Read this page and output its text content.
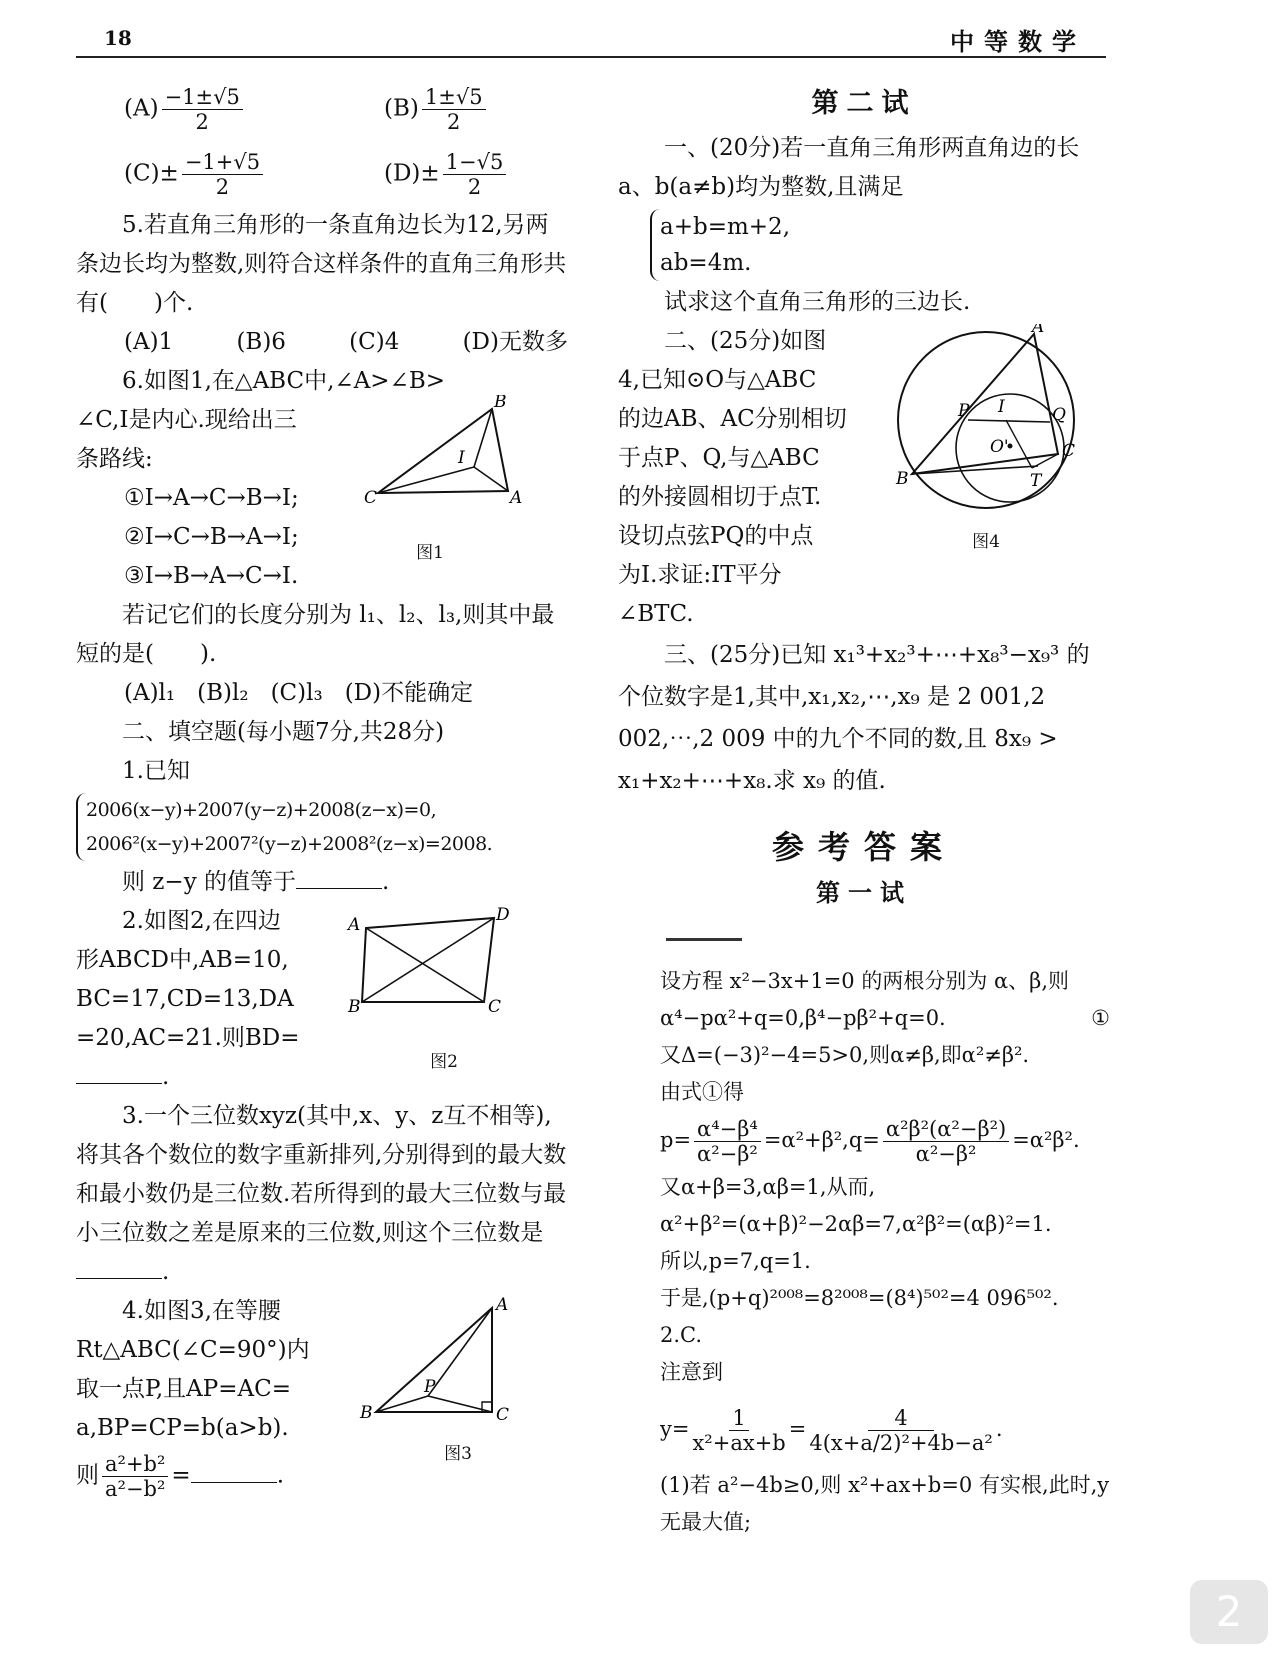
18	中等数学
$(A) \frac{-1\pm√5}{2}$	$(B) \frac{1\pm√5}{2}$
$(C)\pm \frac{-1+√5}{2}$	$(D)\pm \frac{1-√5}{2}$

5.若直角三角形的一条直角边长为12,另两条边长均为整数,则符合这样条件的直角三角形共有(　　)个.

(A)1	(B)6	(C)4	(D)无数多

6.如图1,在△ABC中,∠A>∠B>

C
B
A
I
图1

∠C,I是内心.现给出三

条路线:

①I→A→C→B→I;

②I→C→B→A→I;

③I→B→A→C→I.

若记它们的长度分别为 l₁、l₂、l₃,则其中最短的是(　　).

(A)l₁ (B)l₂ (C)l₃ (D)不能确定

二、填空题(每小题7分,共28分)

1.已知

2006(x−y)+2007(y−z)+2008(z−x)=0,
2006²(x−y)+2007²(y−z)+2008²(z−x)=2008.

则 z−y 的值等于	.

A	D
C
B
图2

2.如图2,在四边

形ABCD中,AB=10,

BC=17,CD=13,DA

=20,AC=21.则BD=

.

3.一个三位数xyz(其中,x、y、z互不相等),将其各个数位的数字重新排列,分别得到的最大数和最小数仍是三位数.若所得到的最大三位数与最小三位数之差是原来的三位数,则这个三位数是.

B
A
C
P
图3

4.如图3,在等腰

Rt△ABC(∠C=90°)内

取一点P,且AP=AC=

a,BP=CP=b(a>b).

则 $\frac{\text{a²+b²}}{\text{a²−b²}}$ =	.

第二试

一、(20分)若一直角三角形两直角边的长 a、b(a≠b)均为整数,且满足

a+b=m+2,
ab=4m.

试求这个直角三角形的三边长.

A
P I	Q
O'	C
B	T
图4

二、(25分)如图

4,已知⊙O与△ABC

的边AB、AC分别相切

于点P、Q,与△ABC

的外接圆相切于点T.

设切点弦PQ的中点

为I.求证:IT平分

∠BTC.

三、(25分)已知 x₁³+x₂³+⋯+x₈³−x₉³ 的个位数字是1,其中,x₁,x₂,⋯,x₉ 是 2 001,2 002,⋯,2 009 中的九个不同的数,且 8x₉ > x₁+x₂+⋯+x₈.求 x₉ 的值.

参考答案
第一试

设方程 x²−3x+1=0 的两根分别为 α、β,则

α⁴−pα²+q=0,β⁴−pβ²+q=0.	①

又Δ=(−3)²−4=5>0,则α≠β,即α²≠β².

由式①得

$p= \frac{\text{α⁴−β⁴}}{\text{α²−β²}} =\alpha^2+\beta^2,q= \frac{\text{α²β²(α²−β²)}}{\text{α²−β²}} =\alpha^2\beta^2$.

又α+β=3,αβ=1,从而,

α²+β²=(α+β)²−2αβ=7,α²β²=(αβ)²=1.

所以,p=7,q=1.

于是,(p+q)²⁰⁰⁸=8²⁰⁰⁸=(8⁴)⁵⁰²=4 096⁵⁰².

2.C.

注意到

$y= \frac{1}{\text{x²+ax+b}} = \frac{4}{\text{4(x+a/2)²+4b−a²}}$ .

(1)若 a²−4b≥0,则 x²+ax+b=0 有实根,此时,y 无最大值;

2
